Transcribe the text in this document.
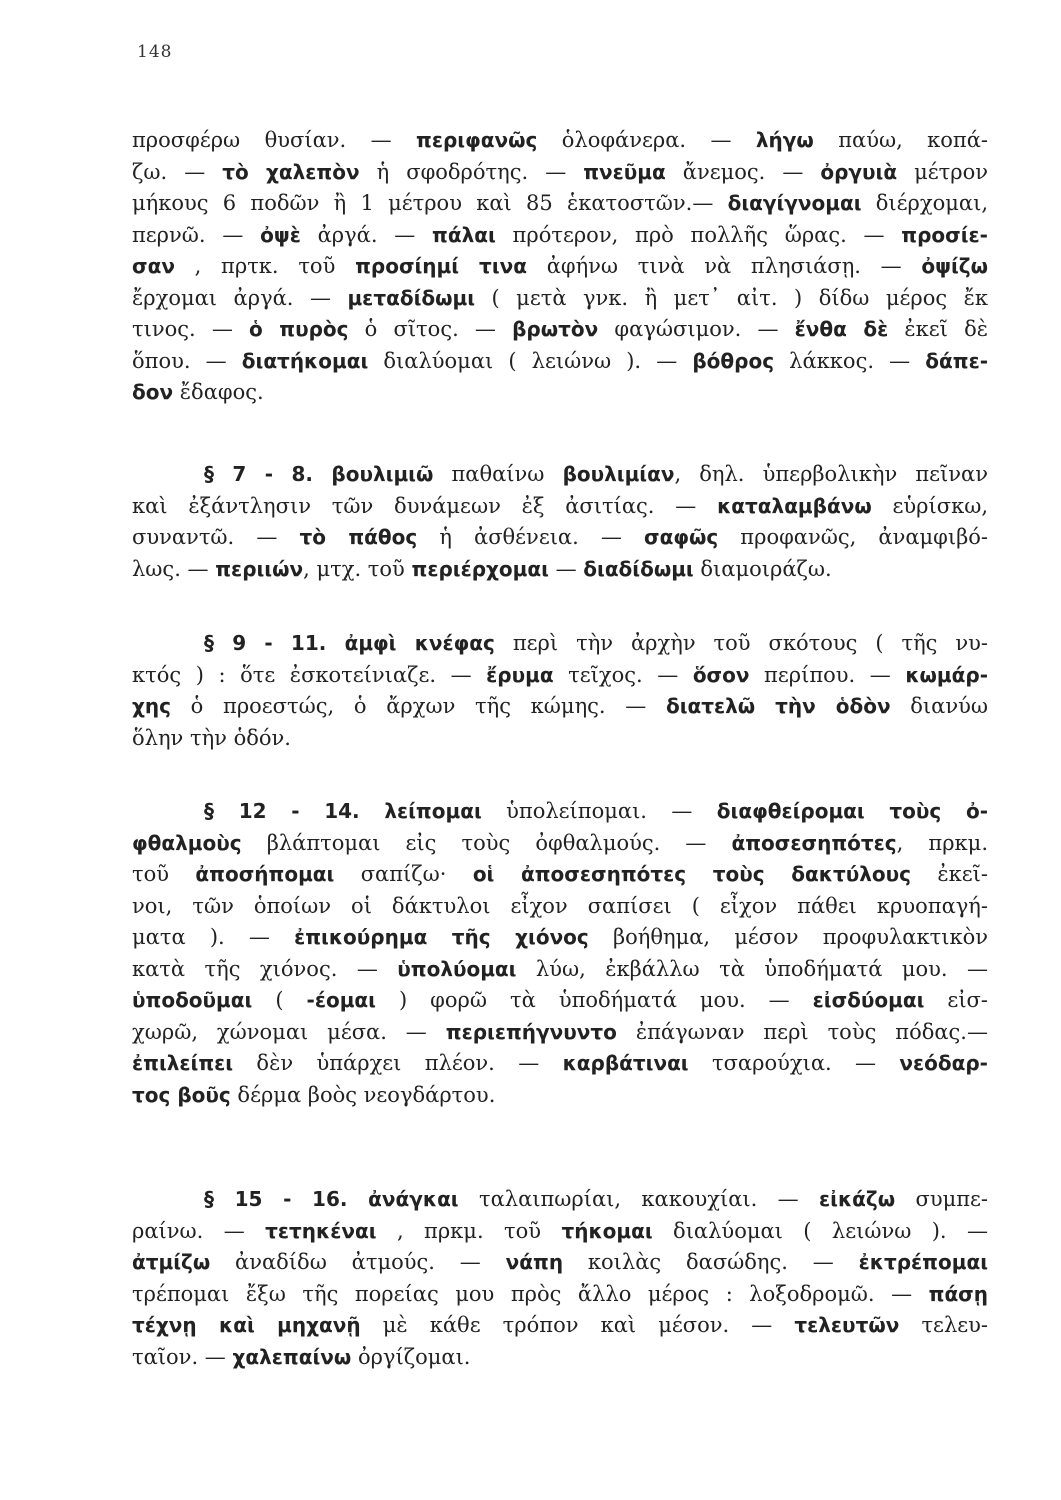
148
προσφέρω θυσίαν. — περιφανῶς ὁλοφάνερα. — λήγω παύω, κοπά-
ζω. — τὸ χαλεπὸν ἡ σφοδρότης. — πνεῦμα ἄνεμος. — ὀργυιὰ μέτρον
μήκους 6 ποδῶν ἢ 1 μέτρου καὶ 85 ἑκατοστῶν.— διαγίγνομαι διέρχομαι,
περνῶ. — ὀψὲ ἀργά. — πάλαι πρότερον, πρὸ πολλῆς ὥρας. — προσίε-
σαν , πρτκ. τοῦ προσίημί τινα ἀφήνω τινὰ νὰ πλησιάσῃ. — ὀψίζω
ἔρχομαι ἀργά. — μεταδίδωμι ( μετὰ γνκ. ἢ μετ᾽ αἰτ. ) δίδω μέρος ἔκ
τινος. — ὁ πυρὸς ὁ σῖτος. — βρωτὸν φαγώσιμον. — ἔνθα δὲ ἐκεῖ δὲ
ὅπου. — διατήκομαι διαλύομαι ( λειώνω ). — βόθρος λάκκος. — δάπε-
δον ἔδαφος.
§ 7 - 8. βουλιμιῶ παθαίνω βουλιμίαν, δηλ. ὑπερβολικὴν πεῖναν
καὶ ἐξάντλησιν τῶν δυνάμεων ἐξ ἀσιτίας. — καταλαμβάνω εὑρίσκω,
συναντῶ. — τὸ πάθος ἡ ἀσθένεια. — σαφῶς προφανῶς, ἀναμφιβό-
λως. — περιιών, μτχ. τοῦ περιέρχομαι — διαδίδωμι διαμοιράζω.
§ 9 - 11. ἀμφὶ κνέφας περὶ τὴν ἀρχὴν τοῦ σκότους ( τῆς νυ-
κτός ) : ὅτε ἐσκοτείνιαζε. — ἔρυμα τεῖχος. — ὅσον περίπου. — κωμάρ-
χης ὁ προεστώς, ὁ ἄρχων τῆς κώμης. — διατελῶ τὴν ὁδὸν διανύω
ὅλην τὴν ὁδόν.
§ 12 - 14. λείπομαι ὑπολείπομαι. — διαφθείρομαι τοὺς ὀ-
φθαλμοὺς βλάπτομαι εἰς τοὺς ὀφθαλμούς. — ἀποσεσηπότες, πρκμ.
τοῦ ἀποσήπομαι σαπίζω· οἱ ἀποσεσηπότες τοὺς δακτύλους ἐκεῖ-
νοι, τῶν ὁποίων οἱ δάκτυλοι εἶχον σαπίσει ( εἶχον πάθει κρυοπαγή-
ματα ). — ἐπικούρημα τῆς χιόνος βοήθημα, μέσον προφυλακτικὸν
κατὰ τῆς χιόνος. — ὑπολύομαι λύω, ἐκβάλλω τὰ ὑποδήματά μου. —
ὑποδοῦμαι ( -έομαι ) φορῶ τὰ ὑποδήματά μου. — εἰσδύομαι εἰσ-
χωρῶ, χώνομαι μέσα. — περιεπήγνυντο ἐπάγωναν περὶ τοὺς πόδας.—
ἐπιλείπει δὲν ὑπάρχει πλέον. — καρβάτιναι τσαρούχια. — νεόδαρ-
τος βοῦς δέρμα βοὸς νεογδάρτου.
§ 15 - 16. ἀνάγκαι ταλαιπωρίαι, κακουχίαι. — εἰκάζω συμπε-
ραίνω. — τετηκέναι , πρκμ. τοῦ τήκομαι διαλύομαι ( λειώνω ). —
ἀτμίζω ἀναδίδω ἀτμούς. — νάπη κοιλὰς δασώδης. — ἐκτρέπομαι
τρέπομαι ἔξω τῆς πορείας μου πρὸς ἄλλο μέρος : λοξοδρομῶ. — πάσῃ
τέχνῃ καὶ μηχανῇ μὲ κάθε τρόπον καὶ μέσον. — τελευτῶν τελευ-
ταῖον. — χαλεπαίνω ὀργίζομαι.
